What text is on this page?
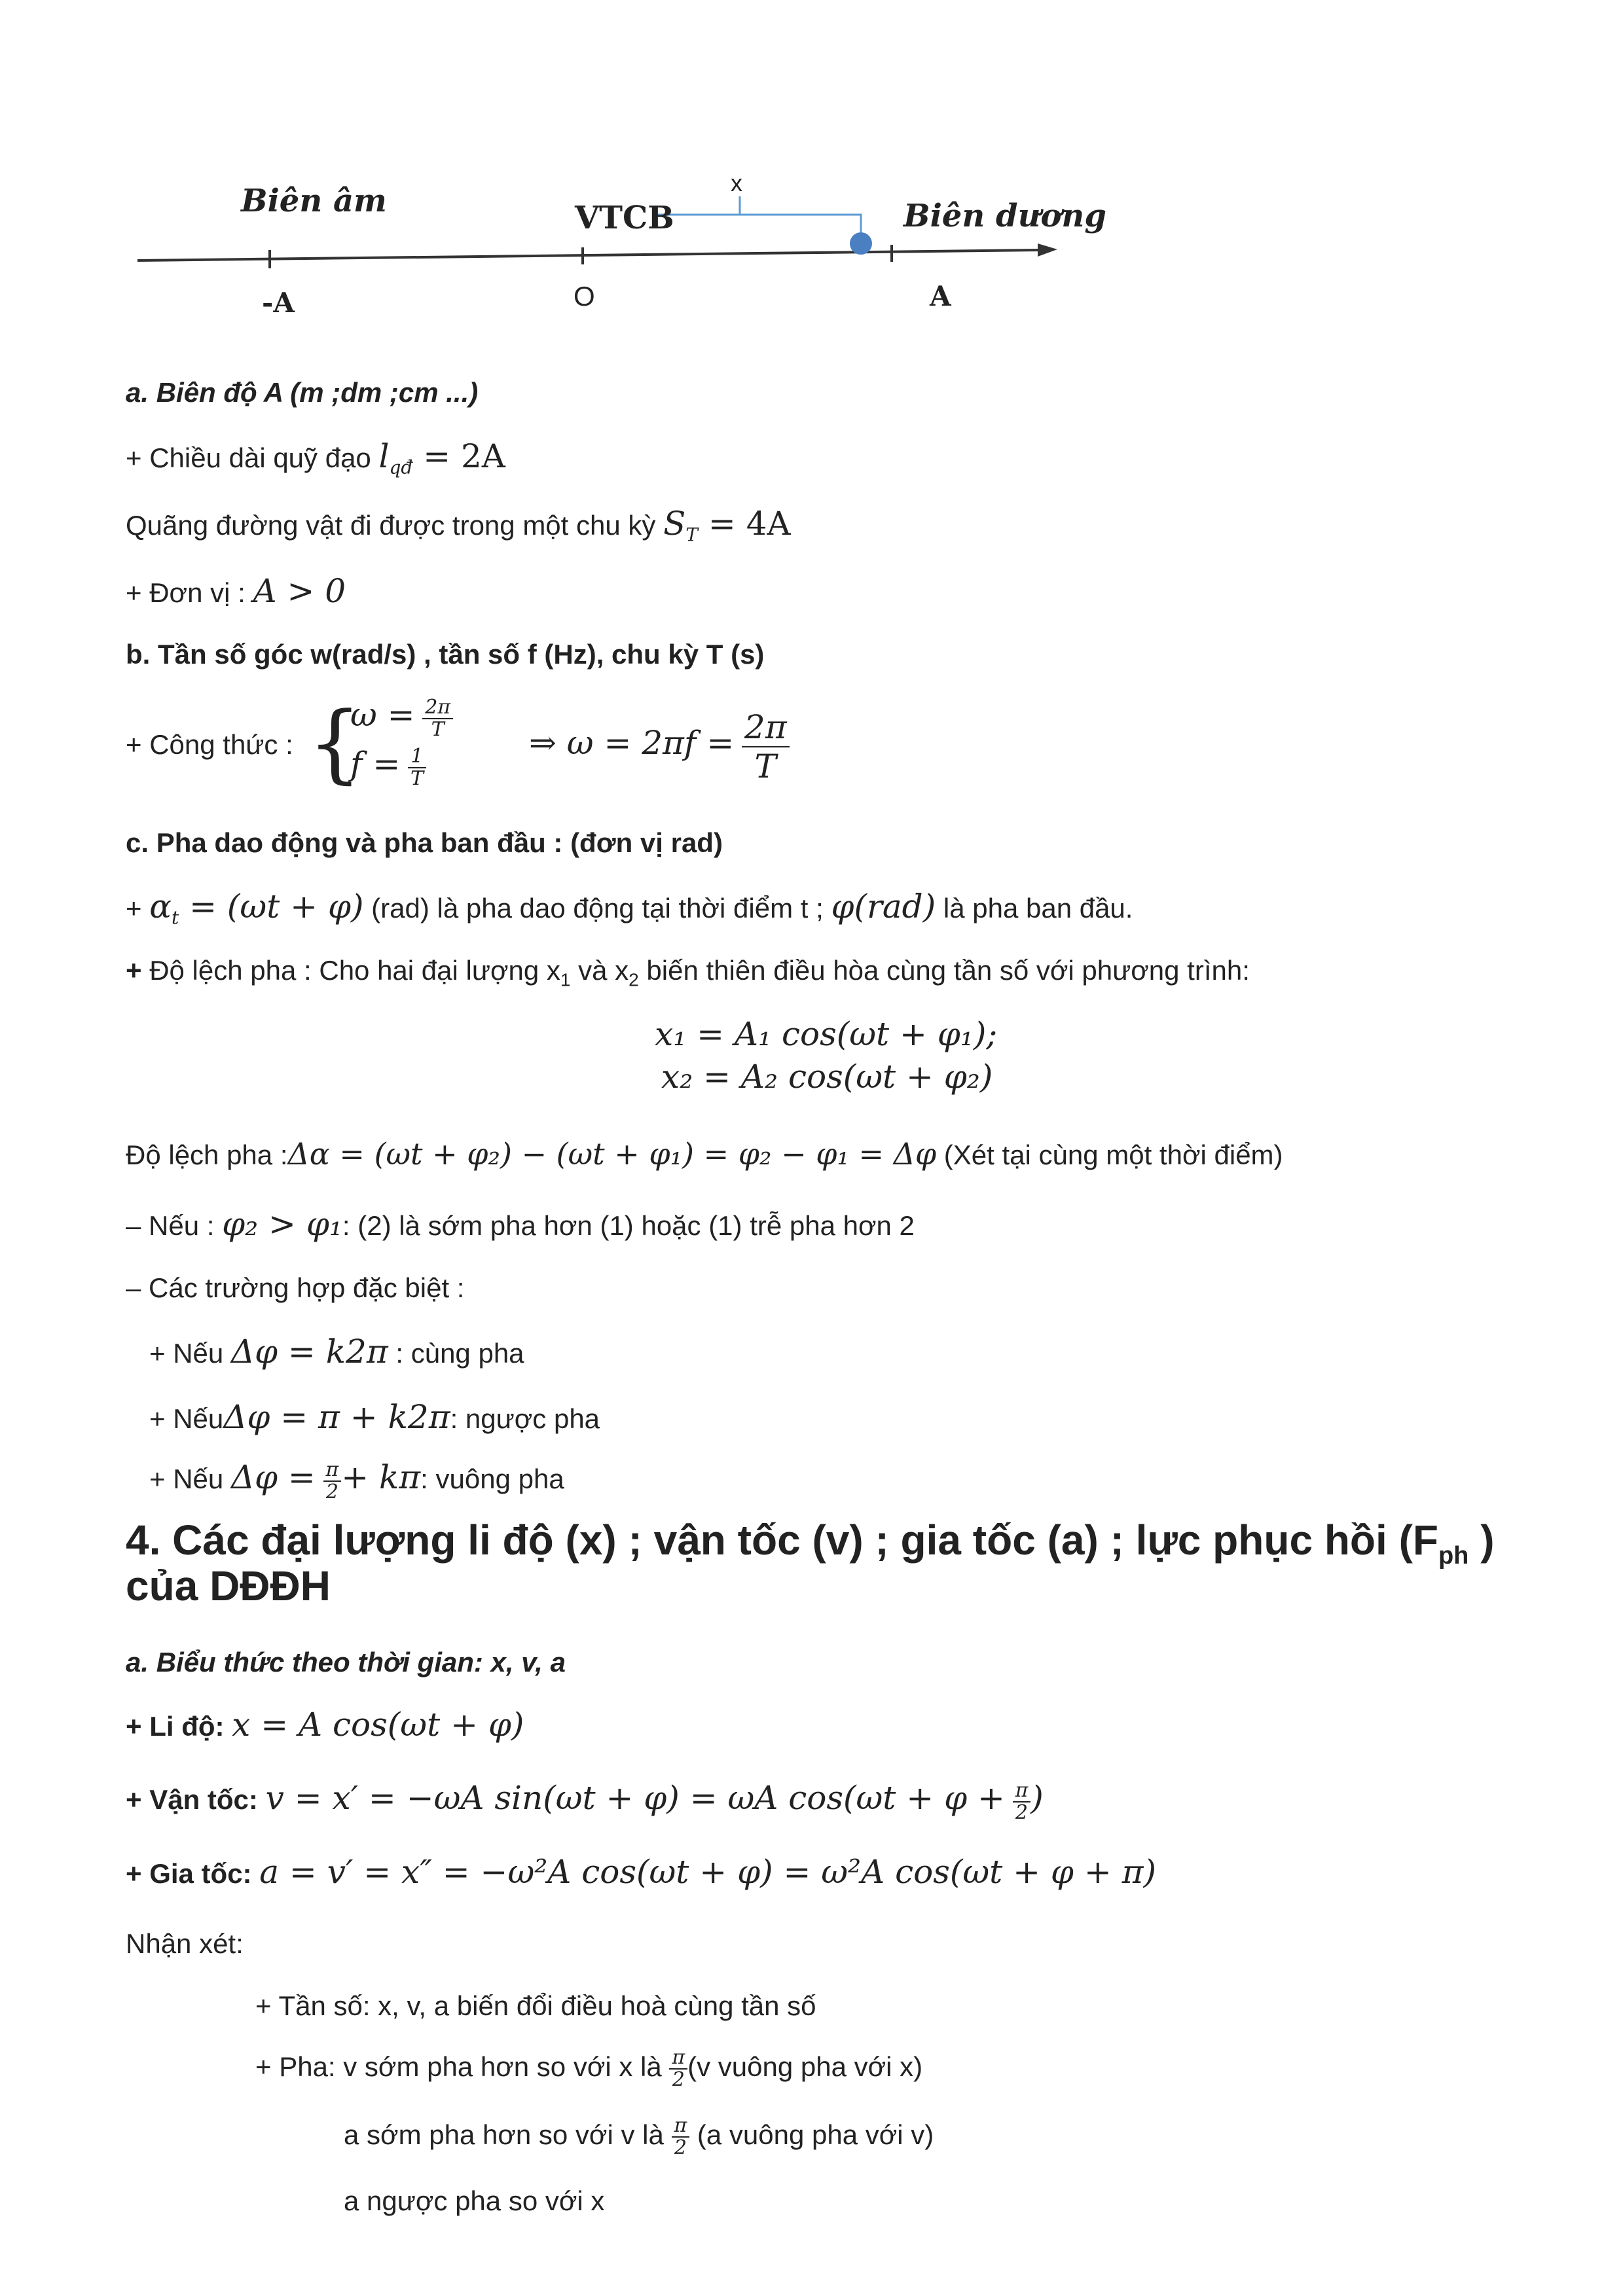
Biên âm	VTCB	Biên dương
x
-A	O	A
a. Biên độ A (m ;dm ;cm ...)
+ Chiều dài quỹ đạo $l_{qđ} = 2A$
Quãng đường vật đi được trong một chu kỳ $S_T = 4A$
+ Đơn vị : A > 0
b. Tần số góc w(rad/s) , tần số f (Hz), chu kỳ T (s)
+ Công thức : {
$\omega = \frac{2\pi}{T}$
$f = \frac{1}{T}$
⇒ $\omega = 2\pi f = \frac{2\pi}{T}$
c. Pha dao động và pha ban đầu : (đơn vị rad)
+ $\alpha_t = (\omega t + \varphi)$ (rad) là pha dao động tại thời điểm t ; φ(rad) là pha ban đầu.
+ Độ lệch pha : Cho hai đại lượng $x_1$ và $x_2$ biến thiên điều hòa cùng tần số với phương trình:
x₁ = A₁ cos(ωt + φ₁);
x₂ = A₂ cos(ωt + φ₂)
Độ lệch pha :Δα = (ωt + φ₂) − (ωt + φ₁) = φ₂ − φ₁ = Δφ (Xét tại cùng một thời điểm)
– Nếu : φ₂ > φ₁: (2) là sớm pha hơn (1) hoặc (1) trễ pha hơn 2
– Các trường hợp đặc biệt :
+ Nếu Δφ = k2π : cùng pha
+ NếuΔφ = π + k2π: ngược pha
+ Nếu $\Delta\varphi = \frac{\pi}{2} + k\pi$: vuông pha
4. Các đại lượng li độ (x) ; vận tốc (v) ; gia tốc (a) ; lực phục hồi ($F_{ph}$ )
của DĐĐH
a. Biểu thức theo thời gian: x, v, a
+ Li độ: x = A cos(ωt + φ)
+ Vận tốc: v = x′ = −ωA sin(ωt + φ) = ωA $\cos(\omega t + \varphi + \frac{\pi}{2}$ )
+ Gia tốc: a = v′ = x″ = −ω²A cos(ωt + φ) = ω²A cos(ωt + φ + π)
Nhận xét:
+ Tần số: x, v, a biến đổi điều hoà cùng tần số
+ Pha: v sớm pha hơn so với x là $\frac{\pi}{2} (v$ vuông pha với x)
a sớm pha hơn so với v là $\frac{\pi}{2} (a$ vuông pha với v)
a ngược pha so với x
